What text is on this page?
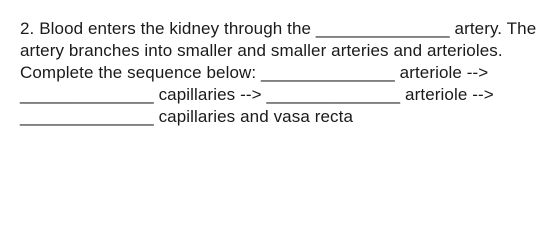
2. Blood enters the kidney through the ______________ artery. The
artery branches into smaller and smaller arteries and arterioles.
Complete the sequence below: ______________ arteriole -->
______________ capillaries --> ______________ arteriole -->
______________ capillaries and vasa recta
